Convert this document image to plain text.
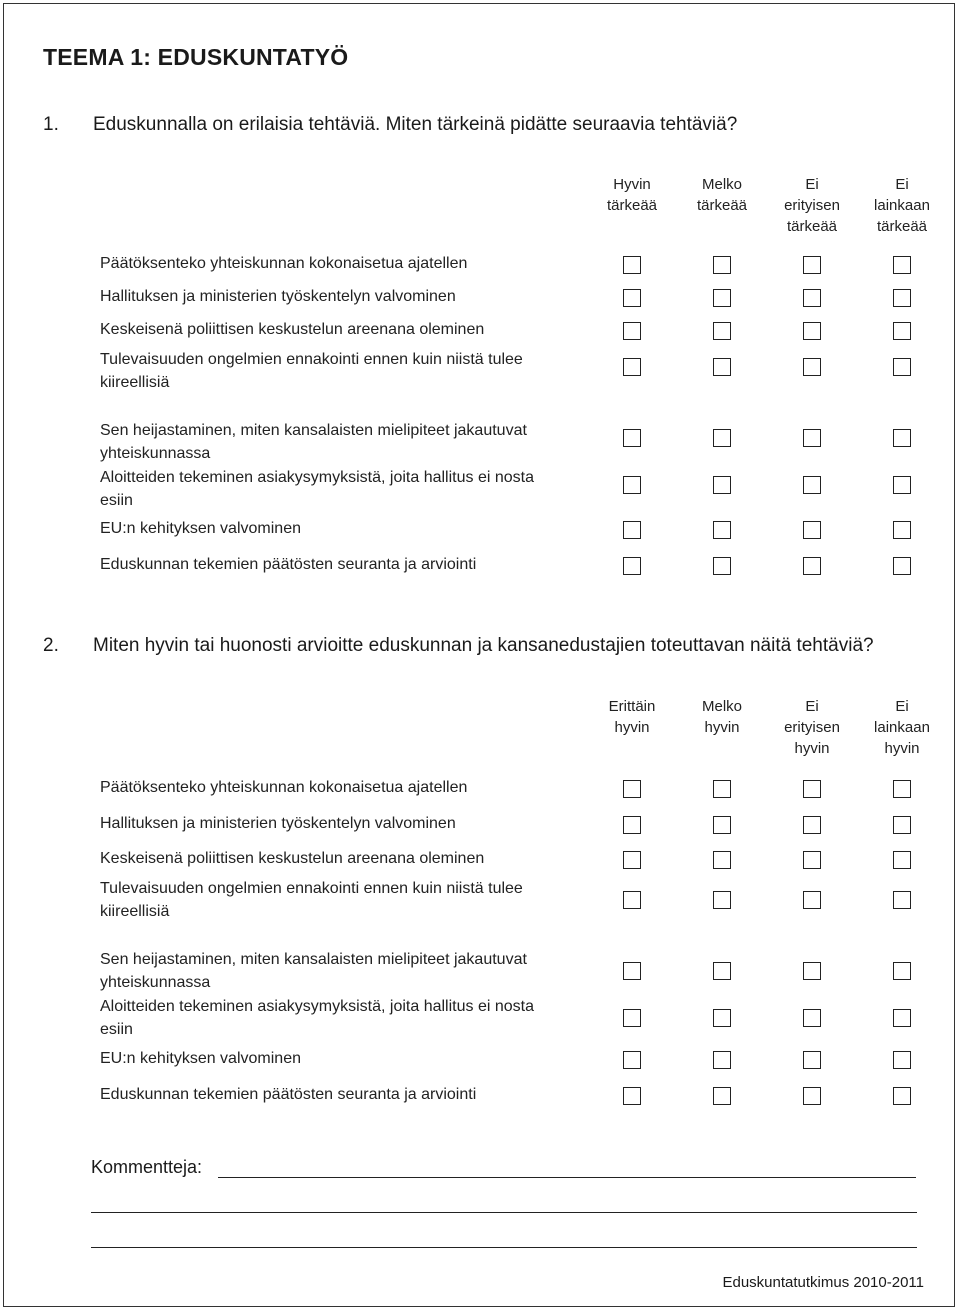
TEEMA 1: EDUSKUNTATYÖ
1. Eduskunnalla on erilaisia tehtäviä. Miten tärkeinä pidätte seuraavia tehtäviä?
Hyvin
tärkeää
Melko
tärkeää
Ei
erityisen
tärkeää
Ei
lainkaan
tärkeää
Päätöksenteko yhteiskunnan kokonaisetua ajatellen
Hallituksen ja ministerien työskentelyn valvominen
Keskeisenä poliittisen keskustelun areenana oleminen
Tulevaisuuden ongelmien ennakointi ennen kuin niistä tulee
kiireellisiä
Sen heijastaminen, miten kansalaisten mielipiteet jakautuvat
yhteiskunnassa
Aloitteiden tekeminen asiakysymyksistä, joita hallitus ei nosta
esiin
EU:n kehityksen valvominen
Eduskunnan tekemien päätösten seuranta ja arviointi
2. Miten hyvin tai huonosti arvioitte eduskunnan ja kansanedustajien toteuttavan näitä tehtäviä?
Erittäin
hyvin
Melko
hyvin
Ei
erityisen
hyvin
Ei
lainkaan
hyvin
Päätöksenteko yhteiskunnan kokonaisetua ajatellen
Hallituksen ja ministerien työskentelyn valvominen
Keskeisenä poliittisen keskustelun areenana oleminen
Tulevaisuuden ongelmien ennakointi ennen kuin niistä tulee
kiireellisiä
Sen heijastaminen, miten kansalaisten mielipiteet jakautuvat
yhteiskunnassa
Aloitteiden tekeminen asiakysymyksistä, joita hallitus ei nosta
esiin
EU:n kehityksen valvominen
Eduskunnan tekemien päätösten seuranta ja arviointi
Kommentteja:
Eduskuntatutkimus 2010-2011
